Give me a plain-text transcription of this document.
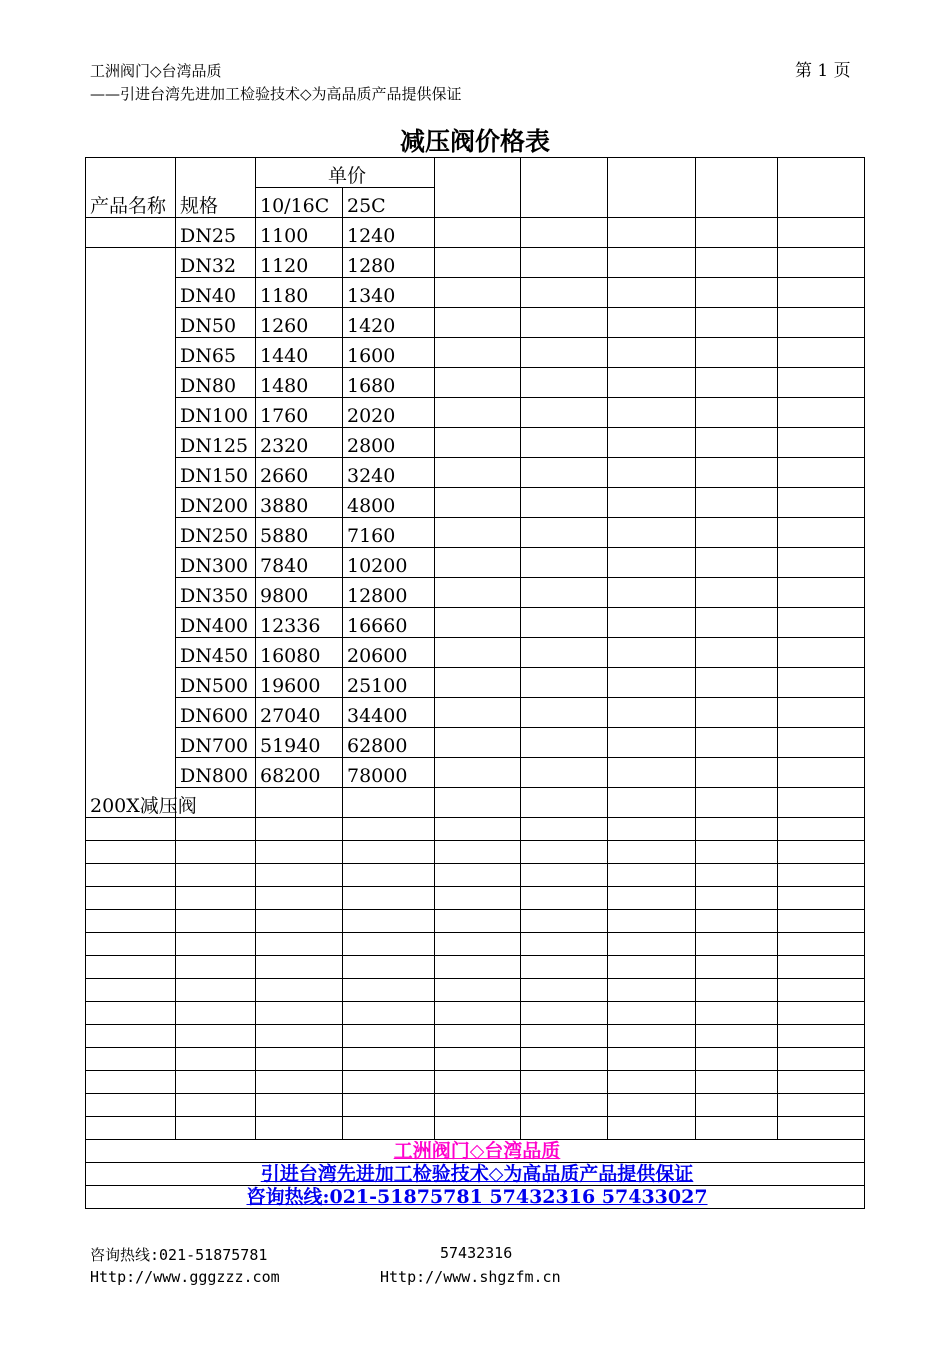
工洲阀门◇台湾品质
——引进台湾先进加工检验技术◇为高品质产品提供保证
第 1 页
减压阀价格表
产品名称	规格	单价						
		10/16C	25C					
	DN25	1100	1240					
200X减压阀	DN32	1120	1280					
	DN40	1180	1340					
	DN50	1260	1420					
	DN65	1440	1600					
	DN80	1480	1680					
	DN100	1760	2020					
	DN125	2320	2800					
	DN150	2660	3240					
	DN200	3880	4800					
	DN250	5880	7160					
	DN300	7840	10200					
	DN350	9800	12800					
	DN400	12336	16660					
	DN450	16080	20600					
	DN500	19600	25100					
	DN600	27040	34400					
	DN700	51940	62800					
	DN800	68200	78000					

工洲阀门◇台湾品质								
引进台湾先进加工检验技术◇为高品质产品提供保证								
咨询热线:021-51875781 57432316 57433027								
咨询热线:021-51875781	57432316
Http://www.gggzzz.com	Http://www.shgzfm.cn
